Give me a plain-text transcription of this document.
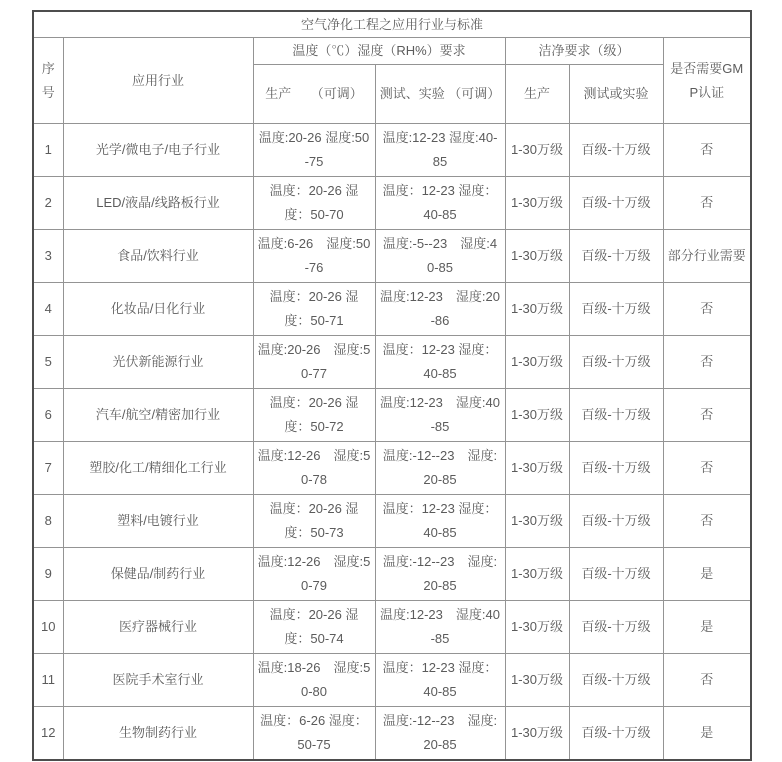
空气净化工程之应用行业与标准						
序号	应用行业	温度（℃）湿度（RH%）要求		洁净要求（级）		是否需要GMP认证
		生产　　（可调）	测试、实验 （可调）	生产	测试或实验	
1	光学/微电子/电子行业	温度:20-26 湿度:50-75	温度:12-23 湿度:40-85	1-30万级	百级-十万级	否
2	LED/液晶/线路板行业	温度：20-26 湿度：50-70	温度：12-23 湿度：40-85	1-30万级	百级-十万级	否
3	食品/饮料行业	温度:6-26　湿度:50-76	温度:-5--23　湿度:40-85	1-30万级	百级-十万级	部分行业需要
4	化妆品/日化行业	温度：20-26 湿度：50-71	温度:12-23　湿度:20-86	1-30万级	百级-十万级	否
5	光伏新能源行业	温度:20-26　湿度:50-77	温度：12-23 湿度：40-85	1-30万级	百级-十万级	否
6	汽车/航空/精密加行业	温度：20-26 湿度：50-72	温度:12-23　湿度:40-85	1-30万级	百级-十万级	否
7	塑胶/化工/精细化工行业	温度:12-26　湿度:50-78	温度:-12--23　湿度:20-85	1-30万级	百级-十万级	否
8	塑料/电镀行业	温度：20-26 湿度：50-73	温度：12-23 湿度：40-85	1-30万级	百级-十万级	否
9	保健品/制药行业	温度:12-26　湿度:50-79	温度:-12--23　湿度:20-85	1-30万级	百级-十万级	是
10	医疗器械行业	温度：20-26 湿度：50-74	温度:12-23　湿度:40-85	1-30万级	百级-十万级	是
11	医院手术室行业	温度:18-26　湿度:50-80	温度：12-23 湿度：40-85	1-30万级	百级-十万级	否
12	生物制药行业	温度：6-26 湿度：50-75	温度:-12--23　湿度:20-85	1-30万级	百级-十万级	是
